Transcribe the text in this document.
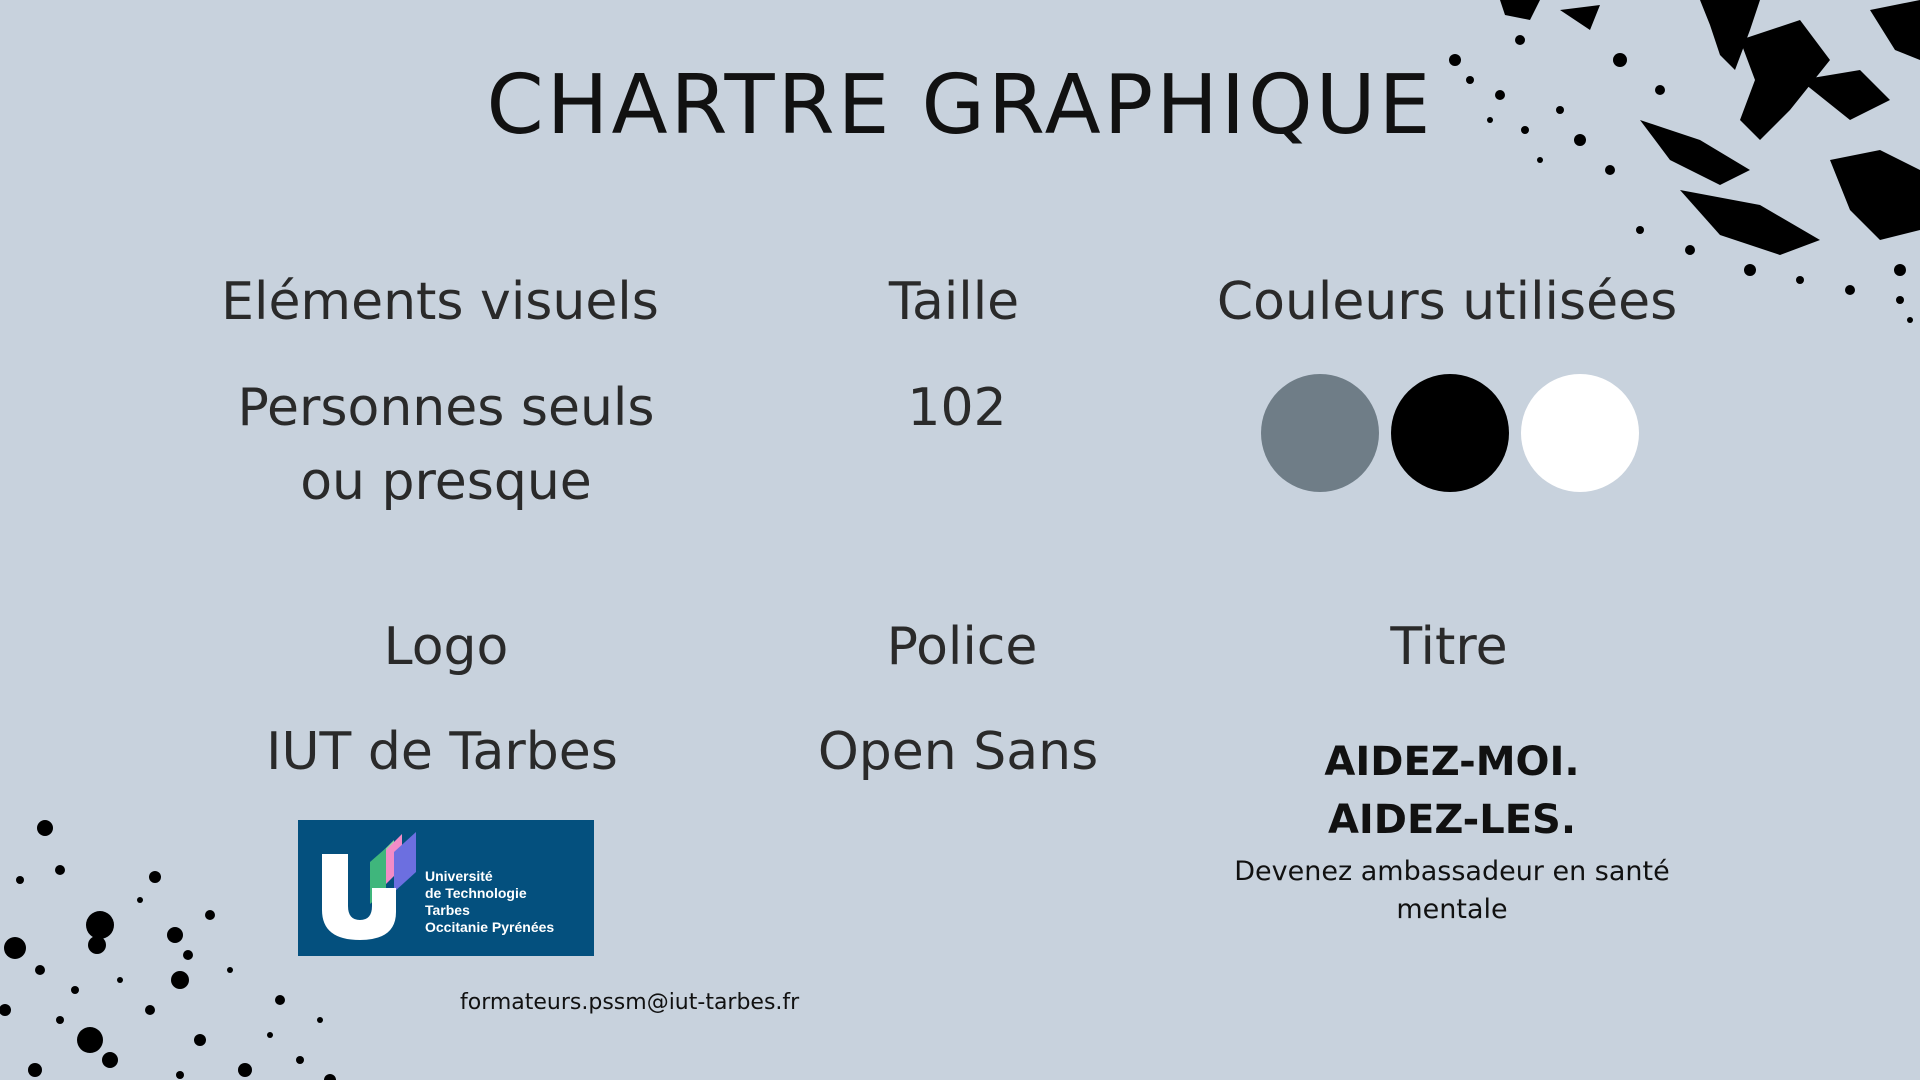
CHARTRE GRAPHIQUE
Eléments visuels
Personnes seuls
ou presque
Taille
102
Couleurs utilisées
Logo
IUT de Tarbes
Police
Open Sans
Titre
AIDEZ-MOI.
AIDEZ-LES.
Devenez ambassadeur en santé
mentale
Université
de Technologie
Tarbes
Occitanie Pyrénées
formateurs.pssm@iut-tarbes.fr
